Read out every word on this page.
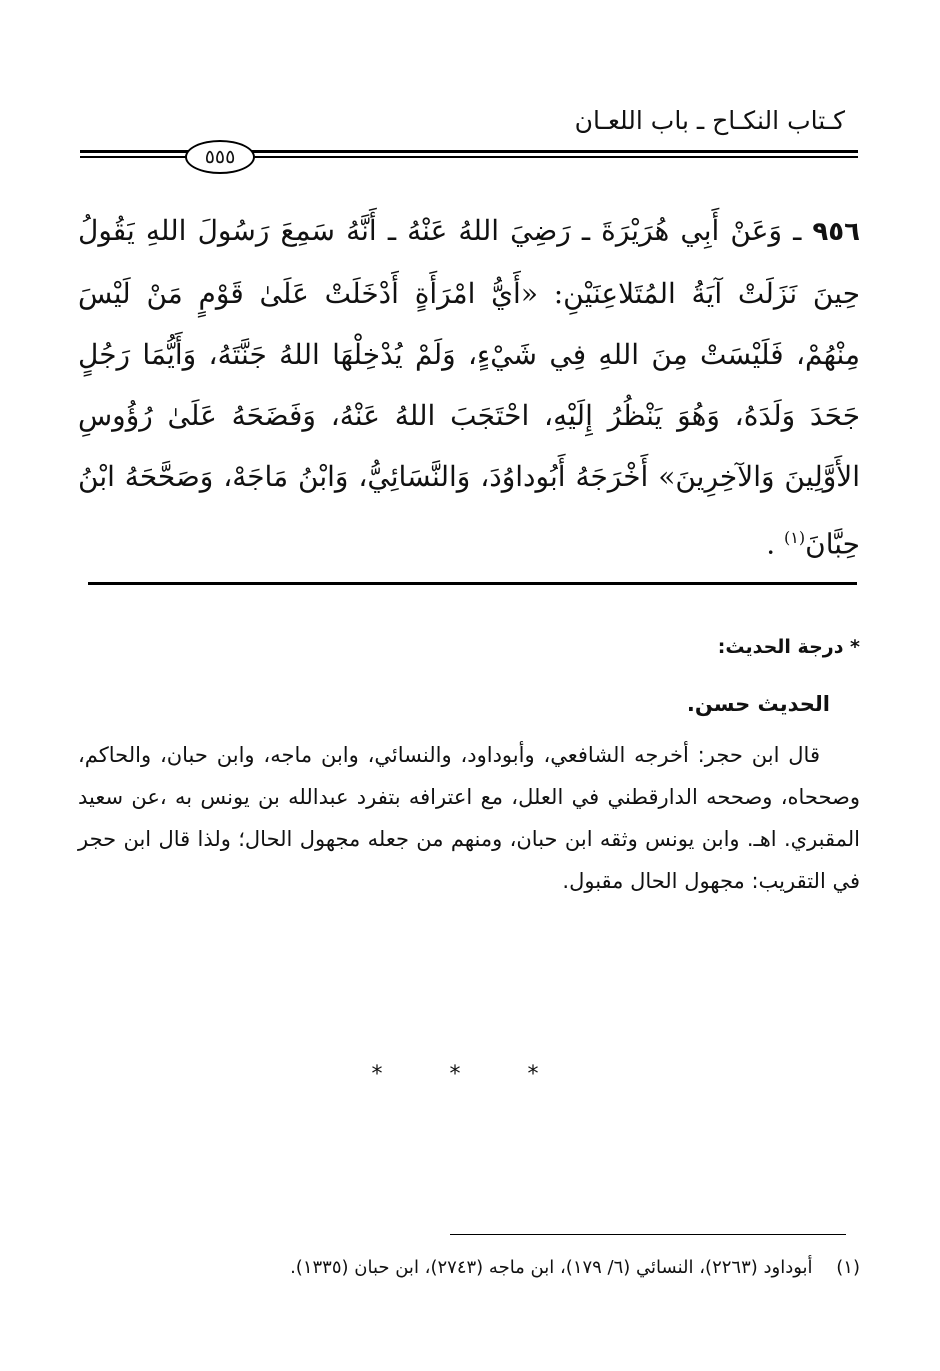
كـتاب النكـاح ـ باب اللعـان
٥٥٥
٩٥٦ ـ وَعَنْ أَبِي هُرَيْرَةَ ـ رَضِيَ اللهُ عَنْهُ ـ أَنَّهُ سَمِعَ رَسُولَ اللهِ يَقُولُ حِينَ نَزَلَتْ آيَةُ المُتَلاعِنَيْنِ: «أَيُّ امْرَأَةٍ أَدْخَلَتْ عَلَىٰ قَوْمٍ مَنْ لَيْسَ مِنْهُمْ، فَلَيْسَتْ مِنَ اللهِ فِي شَيْءٍ، وَلَمْ يُدْخِلْهَا اللهُ جَنَّتَهُ، وَأَيُّمَا رَجُلٍ جَحَدَ وَلَدَهُ، وَهُوَ يَنْظُرُ إِلَيْهِ، احْتَجَبَ اللهُ عَنْهُ، وَفَضَحَهُ عَلَىٰ رُؤُوسِ الأَوَّلِينَ وَالآخِرِينَ» أَخْرَجَهُ أَبُوداوُدَ، وَالنَّسَائِيُّ، وَابْنُ مَاجَهْ، وَصَحَّحَهُ ابْنُ حِبَّانَ$^{(١)}$ .
* درجة الحديث:
الحديث حسن.

قال ابن حجر: أخرجه الشافعي، وأبوداود، والنسائي، وابن ماجه، وابن حبان، والحاكم، وصححاه، وصححه الدارقطني في العلل، مع اعترافه بتفرد عبدالله بن يونس به ،عن سعيد المقبري. اهـ. وابن يونس وثقه ابن حبان، ومنهم من جعله مجهول الحال؛ ولذا قال ابن حجر في التقريب: مجهول الحال مقبول.

* * *
(١) أبوداود (٢٢٦٣)، النسائي (٦/ ١٧٩)، ابن ماجه (٢٧٤٣)، ابن حبان (١٣٣٥).
